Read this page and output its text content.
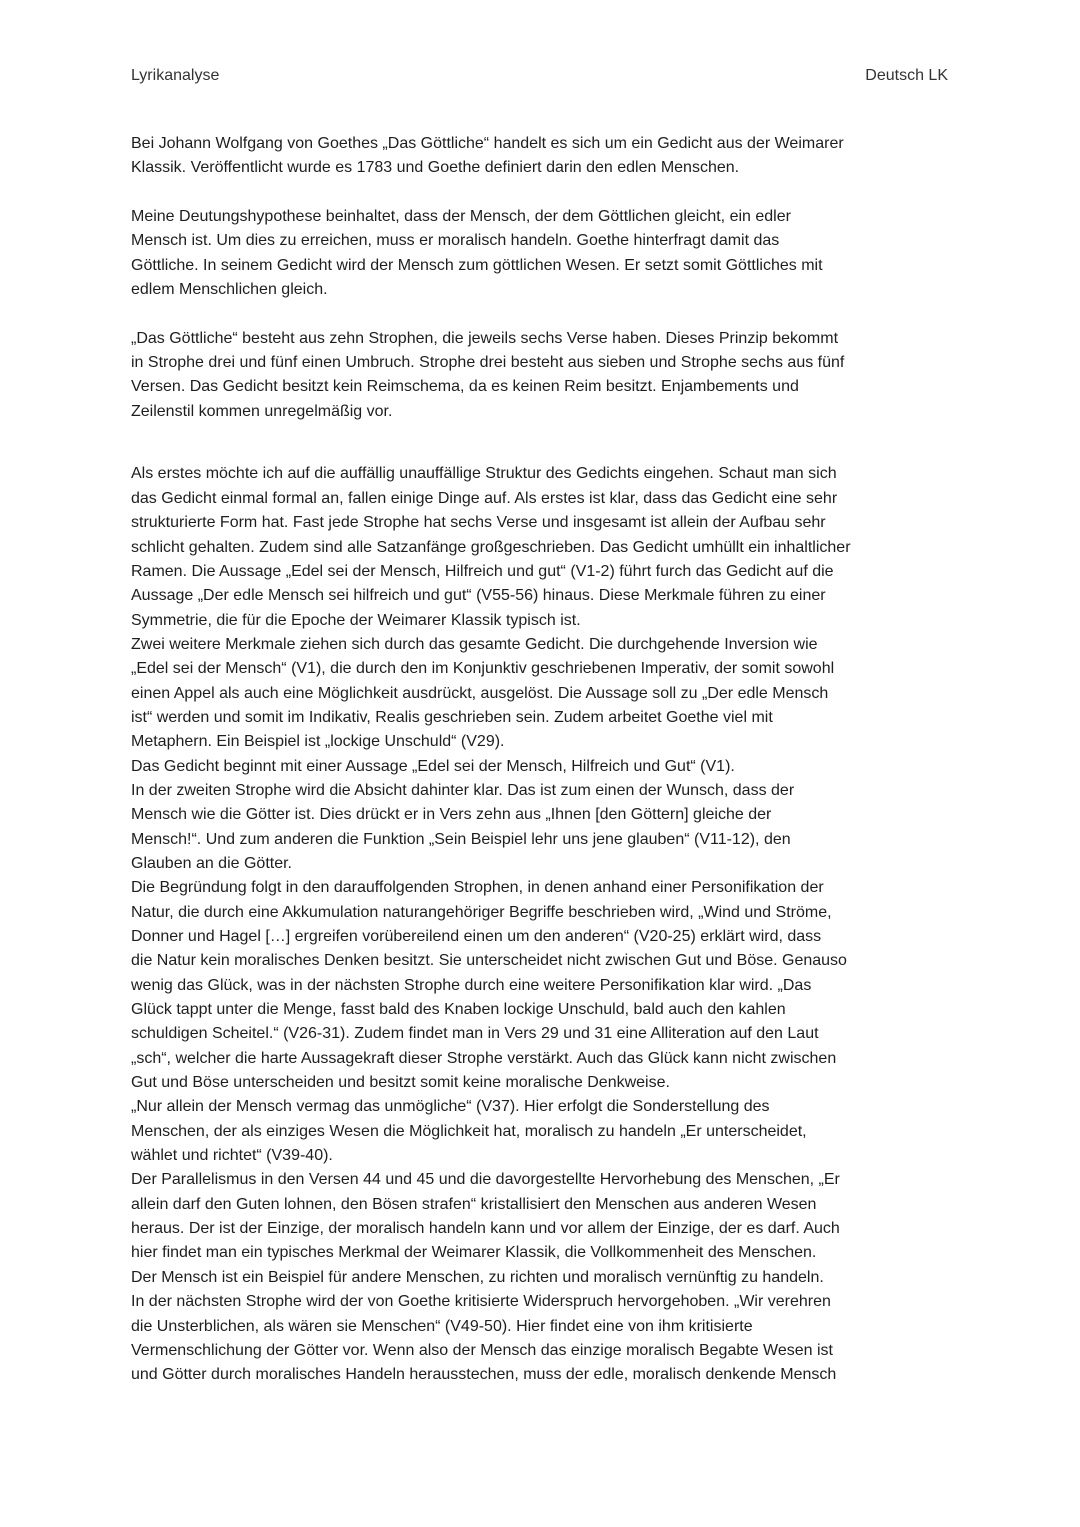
Lyrikanalyse	Deutsch LK
Bei Johann Wolfgang von Goethes „Das Göttliche“ handelt es sich um ein Gedicht aus der Weimarer
Klassik. Veröffentlicht wurde es 1783 und Goethe definiert darin den edlen Menschen.
Meine Deutungshypothese beinhaltet, dass der Mensch, der dem Göttlichen gleicht, ein edler
Mensch ist. Um dies zu erreichen, muss er moralisch handeln. Goethe hinterfragt damit das
Göttliche. In seinem Gedicht wird der Mensch zum göttlichen Wesen. Er setzt somit Göttliches mit
edlem Menschlichen gleich.
„Das Göttliche“ besteht aus zehn Strophen, die jeweils sechs Verse haben. Dieses Prinzip bekommt
in Strophe drei und fünf einen Umbruch. Strophe drei besteht aus sieben und Strophe sechs aus fünf
Versen. Das Gedicht besitzt kein Reimschema, da es keinen Reim besitzt. Enjambements und
Zeilenstil kommen unregelmäßig vor.
Als erstes möchte ich auf die auffällig unauffällige Struktur des Gedichts eingehen. Schaut man sich
das Gedicht einmal formal an, fallen einige Dinge auf. Als erstes ist klar, dass das Gedicht eine sehr
strukturierte Form hat. Fast jede Strophe hat sechs Verse und insgesamt ist allein der Aufbau sehr
schlicht gehalten. Zudem sind alle Satzanfänge großgeschrieben. Das Gedicht umhüllt ein inhaltlicher
Ramen. Die Aussage „Edel sei der Mensch, Hilfreich und gut“ (V1-2) führt furch das Gedicht auf die
Aussage „Der edle Mensch sei hilfreich und gut“ (V55-56) hinaus. Diese Merkmale führen zu einer
Symmetrie, die für die Epoche der Weimarer Klassik typisch ist.
Zwei weitere Merkmale ziehen sich durch das gesamte Gedicht. Die durchgehende Inversion wie
„Edel sei der Mensch“ (V1), die durch den im Konjunktiv geschriebenen Imperativ, der somit sowohl
einen Appel als auch eine Möglichkeit ausdrückt, ausgelöst. Die Aussage soll zu „Der edle Mensch
ist“ werden und somit im Indikativ, Realis geschrieben sein. Zudem arbeitet Goethe viel mit
Metaphern. Ein Beispiel ist „lockige Unschuld“ (V29).
Das Gedicht beginnt mit einer Aussage „Edel sei der Mensch, Hilfreich und Gut“ (V1).
In der zweiten Strophe wird die Absicht dahinter klar. Das ist zum einen der Wunsch, dass der
Mensch wie die Götter ist. Dies drückt er in Vers zehn aus „Ihnen [den Göttern] gleiche der
Mensch!“. Und zum anderen die Funktion „Sein Beispiel lehr uns jene glauben“ (V11-12), den
Glauben an die Götter.
Die Begründung folgt in den darauffolgenden Strophen, in denen anhand einer Personifikation der
Natur, die durch eine Akkumulation naturangehöriger Begriffe beschrieben wird, „Wind und Ströme,
Donner und Hagel […] ergreifen vorübereilend einen um den anderen“ (V20-25) erklärt wird, dass
die Natur kein moralisches Denken besitzt. Sie unterscheidet nicht zwischen Gut und Böse. Genauso
wenig das Glück, was in der nächsten Strophe durch eine weitere Personifikation klar wird. „Das
Glück tappt unter die Menge, fasst bald des Knaben lockige Unschuld, bald auch den kahlen
schuldigen Scheitel.“ (V26-31). Zudem findet man in Vers 29 und 31 eine Alliteration auf den Laut
„sch“, welcher die harte Aussagekraft dieser Strophe verstärkt. Auch das Glück kann nicht zwischen
Gut und Böse unterscheiden und besitzt somit keine moralische Denkweise.
„Nur allein der Mensch vermag das unmögliche“ (V37). Hier erfolgt die Sonderstellung des
Menschen, der als einziges Wesen die Möglichkeit hat, moralisch zu handeln „Er unterscheidet,
wählet und richtet“ (V39-40).
Der Parallelismus in den Versen 44 und 45 und die davorgestellte Hervorhebung des Menschen, „Er
allein darf den Guten lohnen, den Bösen strafen“ kristallisiert den Menschen aus anderen Wesen
heraus. Der ist der Einzige, der moralisch handeln kann und vor allem der Einzige, der es darf. Auch
hier findet man ein typisches Merkmal der Weimarer Klassik, die Vollkommenheit des Menschen.
Der Mensch ist ein Beispiel für andere Menschen, zu richten und moralisch vernünftig zu handeln.
In der nächsten Strophe wird der von Goethe kritisierte Widerspruch hervorgehoben. „Wir verehren
die Unsterblichen, als wären sie Menschen“ (V49-50). Hier findet eine von ihm kritisierte
Vermenschlichung der Götter vor. Wenn also der Mensch das einzige moralisch Begabte Wesen ist
und Götter durch moralisches Handeln herausstechen, muss der edle, moralisch denkende Mensch
